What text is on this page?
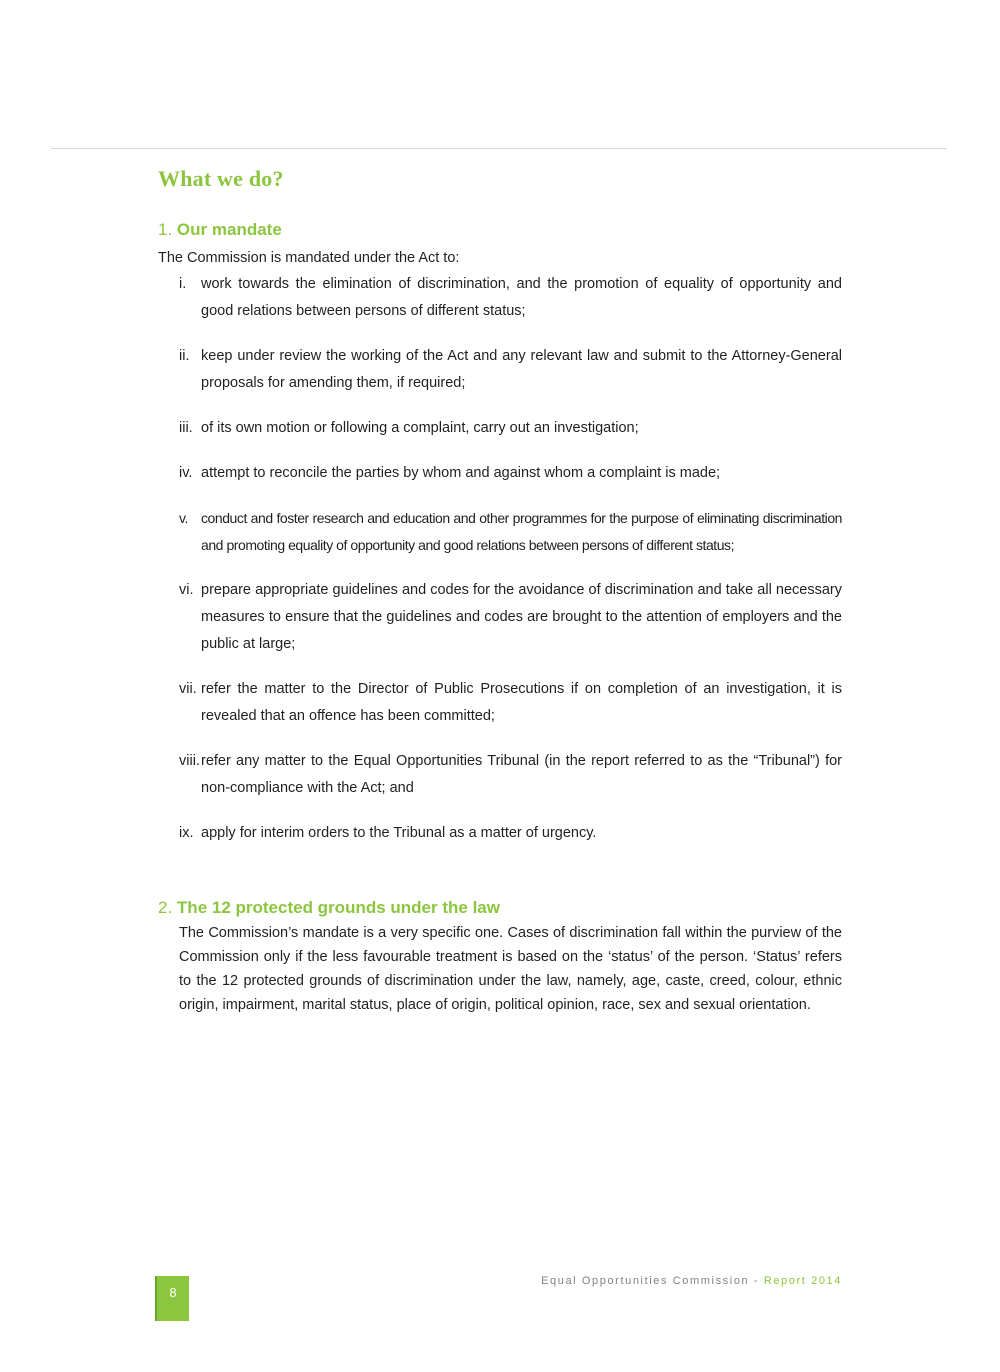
What we do?
1. Our mandate

The Commission is mandated under the Act to:

i. work towards the elimination of discrimination, and the promotion of equality of opportunity and good relations between persons of different status;
ii. keep under review the working of the Act and any relevant law and submit to the Attorney-General proposals for amending them, if required;
iii. of its own motion or following a complaint, carry out an investigation;
iv. attempt to reconcile the parties by whom and against whom a complaint is made;
v. conduct and foster research and education and other programmes for the purpose of eliminating discrimination and promoting equality of opportunity and good relations between persons of different status;
vi. prepare appropriate guidelines and codes for the avoidance of discrimination and take all necessary measures to ensure that the guidelines and codes are brought to the attention of employers and the public at large;
vii. refer the matter to the Director of Public Prosecutions if on completion of an investigation, it is revealed that an offence has been committed;
viii. refer any matter to the Equal Opportunities Tribunal (in the report referred to as the “Tribunal”) for non-compliance with the Act; and
ix. apply for interim orders to the Tribunal as a matter of urgency.
2. The 12 protected grounds under the law

The Commission’s mandate is a very specific one. Cases of discrimination fall within the purview of the Commission only if the less favourable treatment is based on the ‘status’ of the person. ‘Status’ refers to the 12 protected grounds of discrimination under the law, namely, age, caste, creed, colour, ethnic origin, impairment, marital status, place of origin, political opinion, race, sex and sexual orientation.

Equal Opportunities Commission - Report 2014
8
